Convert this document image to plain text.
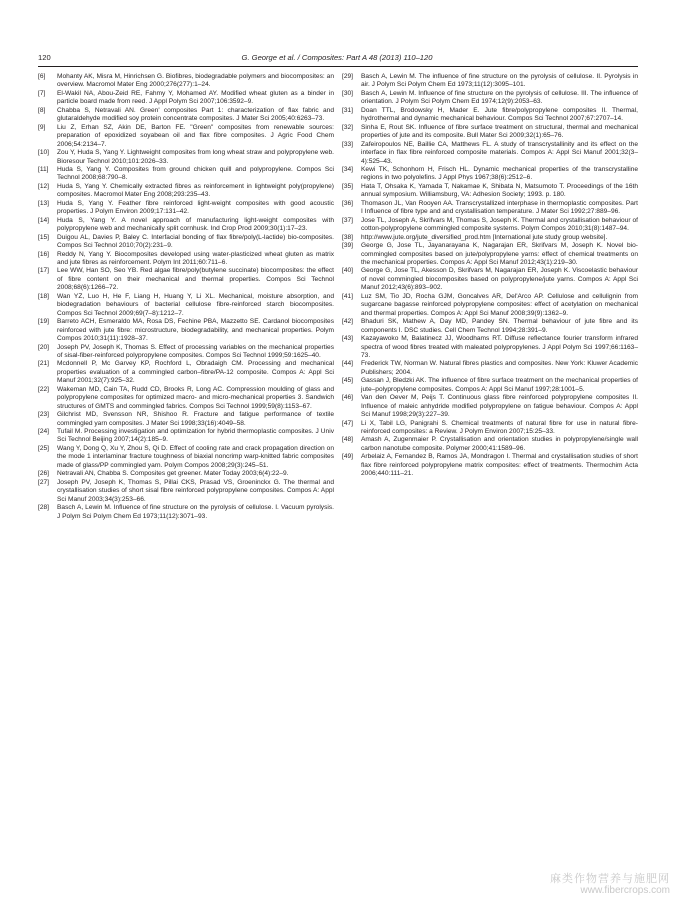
120	G. George et al. / Composites: Part A 48 (2013) 110–120
[6] Mohanty AK, Misra M, Hinrichsen G. Biofibres, biodegradable polymers and biocomposites: an overview. Macromol Mater Eng 2000;276(277):1–24.
[7] El-Wakil NA, Abou-Zeid RE, Fahmy Y, Mohamed AY. Modified wheat gluten as a binder in particle board made from reed. J Appl Polym Sci 2007;106:3592–9.
[8] Chabba S, Netravali AN. Green' composites Part 1: characterization of flax fabric and glutaraldehyde modified soy protein concentrate composites. J Mater Sci 2005;40:6263–73.
[9] Liu Z, Erhan SZ, Akin DE, Barton FE. "Green" composites from renewable sources: preparation of epoxidized soyabean oil and flax fibre composites. J Agric Food Chem 2006;54:2134–7.
[10] Zou Y, Huda S, Yang Y. Lightweight composites from long wheat straw and polypropylene web. Bioresour Technol 2010;101:2026–33.
[11] Huda S, Yang Y. Composites from ground chicken quill and polypropylene. Compos Sci Technol 2008;68:790–8.
[12] Huda S, Yang Y. Chemically extracted fibres as reinforcement in lightweight poly(propylene) composites. Macromol Mater Eng 2008;293:235–43.
[13] Huda S, Yang Y. Feather fibre reinforced light-weight composites with good acoustic properties. J Polym Environ 2009;17:131–42.
[14] Huda S, Yang Y. A novel approach of manufacturing light-weight composites with polypropylene web and mechanically split cornhusk. Ind Crop Prod 2009;30(1):17–23.
[15] Duigou AL, Davies P, Baley C. Interfacial bonding of flax fibre/poly(L-lactide) bio-composites. Compos Sci Technol 2010;70(2):231–9.
[16] Reddy N, Yang Y. Biocomposites developed using water-plasticized wheat gluten as matrix and jute fibres as reinforcement. Polym Int 2011;60:711–6.
[17] Lee WW, Han SO, Seo YB. Red algae fibre/poly(butylene succinate) biocomposites: the effect of fibre content on their mechanical and thermal properties. Compos Sci Technol 2008;68(6):1266–72.
[18] Wan YZ, Luo H, He F, Liang H, Huang Y, Li XL. Mechanical, moisture absorption, and biodegradation behaviours of bacterial cellulose fibre-reinforced starch biocomposites. Compos Sci Technol 2009;69(7–8):1212–7.
[19] Barreto ACH, Esmeraldo MA, Rosa DS, Fechine PBA, Mazzetto SE. Cardanol biocomposites reinforced with jute fibre: microstructure, biodegradability, and mechanical properties. Polym Compos 2010;31(11):1928–37.
[20] Joseph PV, Joseph K, Thomas S. Effect of processing variables on the mechanical properties of sisal-fiber-reinforced polypropylene composites. Compos Sci Technol 1999;59:1625–40.
[21] Mcdonnell P, Mc Garvey KP, Rochford L, Obradaigh CM. Processing and mechanical properties evaluation of a commingled carbon–fibre/PA-12 composite. Compos A: Appl Sci Manuf 2001;32(7):925–32.
[22] Wakeman MD, Cain TA, Rudd CD, Brooks R, Long AC. Compression moulding of glass and polypropylene composites for optimized macro- and micro-mechanical properties 3. Sandwich structures of GMTS and commingled fabrics. Compos Sci Technol 1999;59(8):1153–67.
[23] Gilchrist MD, Svensson NR, Shishoo R. Fracture and fatigue performance of textile commingled yarn composites. J Mater Sci 1998;33(16):4049–58.
[24] Tufail M. Processing investigation and optimization for hybrid thermoplastic composites. J Univ Sci Technol Beijing 2007;14(2):185–9.
[25] Wang Y, Dong Q, Xu Y, Zhou S, Qi D. Effect of cooling rate and crack propagation direction on the mode 1 interlaminar fracture toughness of biaxial noncrimp warp-knitted fabric composites made of glass/PP commingled yarn. Polym Compos 2008;29(3):245–51.
[26] Netravali AN, Chabba S. Composites get greener. Mater Today 2003;6(4):22–9.
[27] Joseph PV, Joseph K, Thomas S, Pillai CKS, Prasad VS, Groeninckx G. The thermal and crystallisation studies of short sisal fibre reinforced polypropylene composites. Compos A: Appl Sci Manuf 2003;34(3):253–66.
[28] Basch A, Lewin M. Influence of fine structure on the pyrolysis of cellulose. I. Vacuum pyrolysis. J Polym Sci Polym Chem Ed 1973;11(12):3071–93.
[29] Basch A, Lewin M. The influence of fine structure on the pyrolysis of cellulose. II. Pyrolysis in air. J Polym Sci Polym Chem Ed 1973;11(12):3095–101.
[30] Basch A, Lewin M. Influence of fine structure on the pyrolysis of cellulose. III. The influence of orientation. J Polym Sci Polym Chem Ed 1974;12(9):2053–63.
[31] Doan TTL, Brodowsky H, Mader E. Jute fibre/polypropylene composites II. Thermal, hydrothermal and dynamic mechanical behaviour. Compos Sci Technol 2007;67:2707–14.
[32] Sinha E, Rout SK. Influence of fibre surface treatment on structural, thermal and mechanical properties of jute and its composite. Bull Mater Sci 2009;32(1):65–76.
[33] Zafeiropoulos NE, Baillie CA, Matthews FL. A study of transcrystallinity and its effect on the interface in flax fibre reinforced composite materials. Compos A: Appl Sci Manuf 2001;32(3–4):525–43.
[34] Kewi TK, Schonhorn H, Frisch HL. Dynamic mechanical properties of the transcrystalline regions in two polyolefins. J Appl Phys 1967;38(6):2512–6.
[35] Hata T, Ohsaka K, Yamada T, Nakamae K, Shibata N, Matsumoto T. Proceedings of the 16th annual symposium. Williamsburg, VA: Adhesion Society; 1993. p. 180.
[36] Thomason JL, Van Rooyen AA. Transcrystallized interphase in thermoplastic composites. Part I Influence of fibre type and and crystallisation temperature. J Mater Sci 1992;27:889–96.
[37] Jose TL, Joseph A, Skrifvars M, Thomas S, Joseph K. Thermal and crystallisation behaviour of cotton-polypropylene commingled composite systems. Polym Compos 2010;31(8):1487–94.
[38] http://www.jute.org/jute_diversified_prod.htm [International jute study group website].
[39] George G, Jose TL, Jayanarayana K, Nagarajan ER, Skrifvars M, Joseph K. Novel bio-commingled composites based on jute/polypropylene yarns: effect of chemical treatments on the mechanical properties. Compos A: Appl Sci Manuf 2012;43(1):219–30.
[40] George G, Jose TL, Akesson D, Skrifvars M, Nagarajan ER, Joseph K. Viscoelastic behaviour of novel commingled biocomposites based on polypropylene/jute yarns. Compos A: Appl Sci Manuf 2012;43(6):893–902.
[41] Luz SM, Tio JD, Rocha GJM, Goncalves AR, Del'Arco AP. Cellulose and cellulignin from sugarcane bagasse reinforced polypropylene composites: effect of acetylation on mechanical and thermal properties. Compos A: Appl Sci Manuf 2008;39(9):1362–9.
[42] Bhaduri SK, Mathew A, Day MD, Pandey SN. Thermal behaviour of jute fibre and its components I. DSC studies. Cell Chem Technol 1994;28:391–9.
[43] Kazayawoko M, Balatinecz JJ, Woodhams RT. Diffuse reflectance fourier transform infrared spectra of wood fibres treated with maleated polypropylenes. J Appl Polym Sci 1997;66:1163–73.
[44] Frederick TW, Norman W. Natural fibres plastics and composites. New York: Kluwer Academic Publishers; 2004.
[45] Gassan J, Bledzki AK. The influence of fibre surface treatment on the mechanical properties of jute–polypropylene composites. Compos A: Appl Sci Manuf 1997;28:1001–5.
[46] Van den Oever M, Peijs T. Continuous glass fibre reinforced polypropylene composites II. Influence of maleic anhydride modified polypropylene on fatigue behaviour. Compos A: Appl Sci Manuf 1998;29(3):227–39.
[47] Li X, Tabil LG, Panigrahi S. Chemical treatments of natural fibre for use in natural fibre-reinforced composites: a Review. J Polym Environ 2007;15:25–33.
[48] Amash A, Zugenmaier P. Crystallisation and orientation studies in polypropylene/single wall carbon nanotube composite. Polymer 2000;41:1589–96.
[49] Arbelaiz A, Fernandez B, Ramos JA, Mondragon I. Thermal and crystallisation studies of short flax fibre reinforced polypropylene matrix composites: effect of treatments. Thermochim Acta 2006;440:111–21.
麻类作物营养与施肥网
www.fibercrops.com
